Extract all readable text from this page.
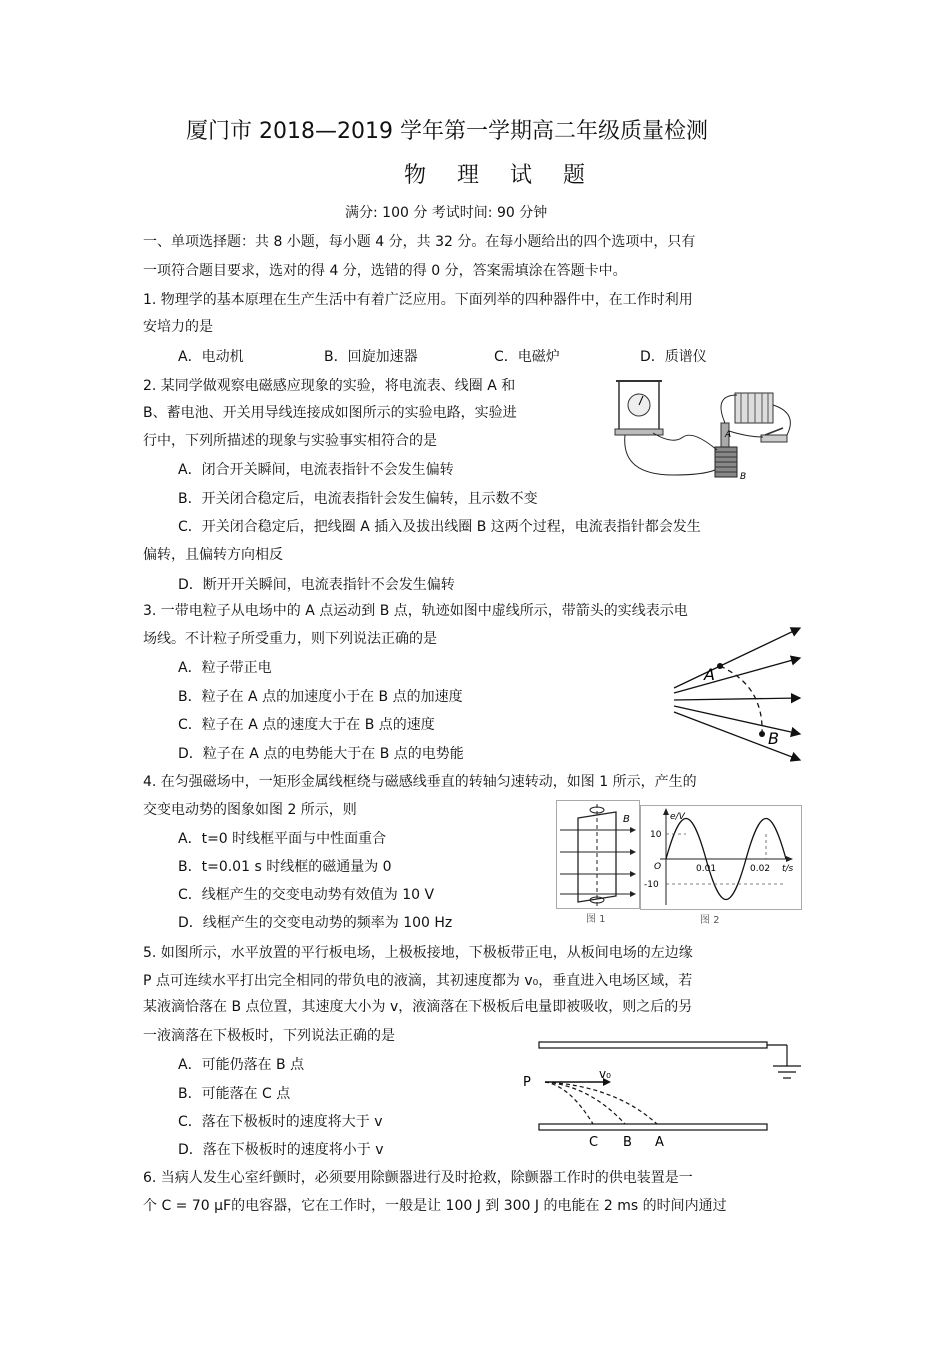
厦门市 2018—2019 学年第一学期高二年级质量检测
物 理 试 题
满分: 100 分 考试时间: 90 分钟
一、单项选择题：共 8 小题，每小题 4 分，共 32 分。在每小题给出的四个选项中，只有
一项符合题目要求，选对的得 4 分，选错的得 0 分，答案需填涂在答题卡中。
1. 物理学的基本原理在生产生活中有着广泛应用。下面列举的四种器件中，在工作时利用
安培力的是
A．电动机	B．回旋加速器	C．电磁炉	D．质谱仪
2. 某同学做观察电磁感应现象的实验，将电流表、线圈 A 和
B、蓄电池、开关用导线连接成如图所示的实验电路，实验进
行中，下列所描述的现象与实验事实相符合的是
A．闭合开关瞬间，电流表指针不会发生偏转
B．开关闭合稳定后，电流表指针会发生偏转，且示数不变
C．开关闭合稳定后，把线圈 A 插入及拔出线圈 B 这两个过程，电流表指针都会发生
偏转，且偏转方向相反
D．断开开关瞬间，电流表指针不会发生偏转
A
B
3. 一带电粒子从电场中的 A 点运动到 B 点，轨迹如图中虚线所示，带箭头的实线表示电
场线。不计粒子所受重力，则下列说法正确的是
A．粒子带正电
B．粒子在 A 点的加速度小于在 B 点的加速度
C．粒子在 A 点的速度大于在 B 点的速度
D．粒子在 A 点的电势能大于在 B 点的电势能
A
B
4. 在匀强磁场中，一矩形金属线框绕与磁感线垂直的转轴匀速转动，如图 1 所示，产生的
交变电动势的图象如图 2 所示，则
A．t=0 时线框平面与中性面重合
B．t=0.01 s 时线框的磁通量为 0
C．线框产生的交变电动势有效值为 10 V
D．线框产生的交变电动势的频率为 100 Hz
B
图 1
e/V
t/s
O
10
-10
0.01	0.02
图 2
5. 如图所示，水平放置的平行板电场，上极板接地，下极板带正电，从板间电场的左边缘
P 点可连续水平打出完全相同的带负电的液滴，其初速度都为 v₀，垂直进入电场区域，若
某液滴恰落在 B 点位置，其速度大小为 v，液滴落在下极板后电量即被吸收，则之后的另
一液滴落在下极板时，下列说法正确的是
A．可能仍落在 B 点
B．可能落在 C 点
C．落在下极板时的速度将大于 v
D．落在下极板时的速度将小于 v
P
v₀
C B A
6. 当病人发生心室纤颤时，必须要用除颤器进行及时抢救，除颤器工作时的供电装置是一
个 C = 70 μF的电容器，它在工作时，一般是让 100 J 到 300 J 的电能在 2 ms 的时间内通过
